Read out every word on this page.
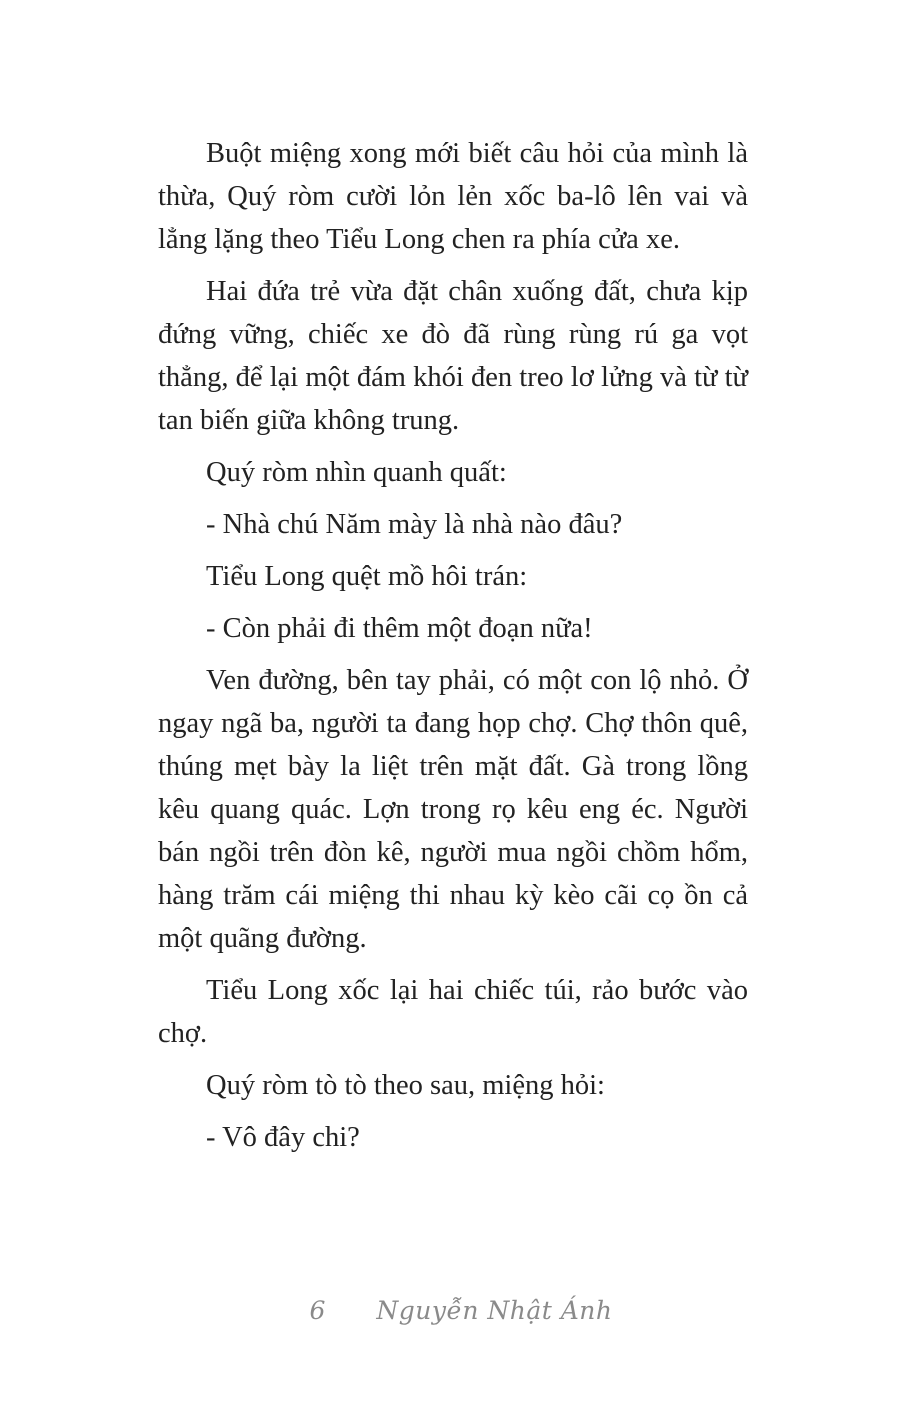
Buột miệng xong mới biết câu hỏi của mình là thừa, Quý ròm cười lỏn lẻn xốc ba-lô lên vai và lẳng lặng theo Tiểu Long chen ra phía cửa xe.

Hai đứa trẻ vừa đặt chân xuống đất, chưa kịp đứng vững, chiếc xe đò đã rùng rùng rú ga vọt thẳng, để lại một đám khói đen treo lơ lửng và từ từ tan biến giữa không trung.

Quý ròm nhìn quanh quất:

- Nhà chú Năm mày là nhà nào đâu?

Tiểu Long quệt mồ hôi trán:

- Còn phải đi thêm một đoạn nữa!

Ven đường, bên tay phải, có một con lộ nhỏ. Ở ngay ngã ba, người ta đang họp chợ. Chợ thôn quê, thúng mẹt bày la liệt trên mặt đất. Gà trong lồng kêu quang quác. Lợn trong rọ kêu eng éc. Người bán ngồi trên đòn kê, người mua ngồi chồm hổm, hàng trăm cái miệng thi nhau kỳ kèo cãi cọ ồn cả một quãng đường.

Tiểu Long xốc lại hai chiếc túi, rảo bước vào chợ.

Quý ròm tò tò theo sau, miệng hỏi:

- Vô đây chi?

6 Nguyễn Nhật Ánh
